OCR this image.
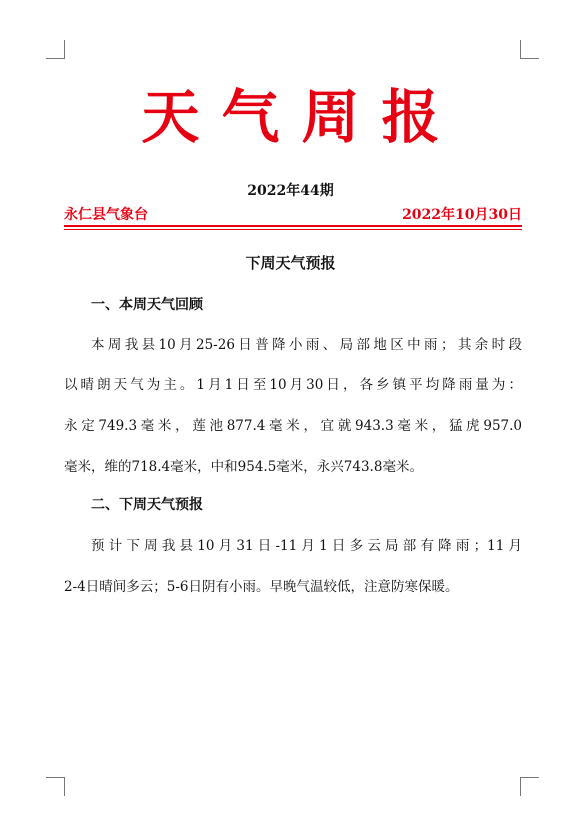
天气周报
2022年44期
永仁县气象台	2022年10月30日
下周天气预报
一、本周天气回顾
本周我县10月25-26日普降小雨、局部地区中雨；其余时段
以晴朗天气为主。1月1日至10月30日，各乡镇平均降雨量为：
永定749.3毫米，莲池877.4毫米，宜就943.3毫米，猛虎957.0
毫米，维的718.4毫米，中和954.5毫米，永兴743.8毫米。
二、下周天气预报
预计下周我县10月31日-11月1日多云局部有降雨；11月
2-4日晴间多云；5-6日阴有小雨。早晚气温较低，注意防寒保暖。
